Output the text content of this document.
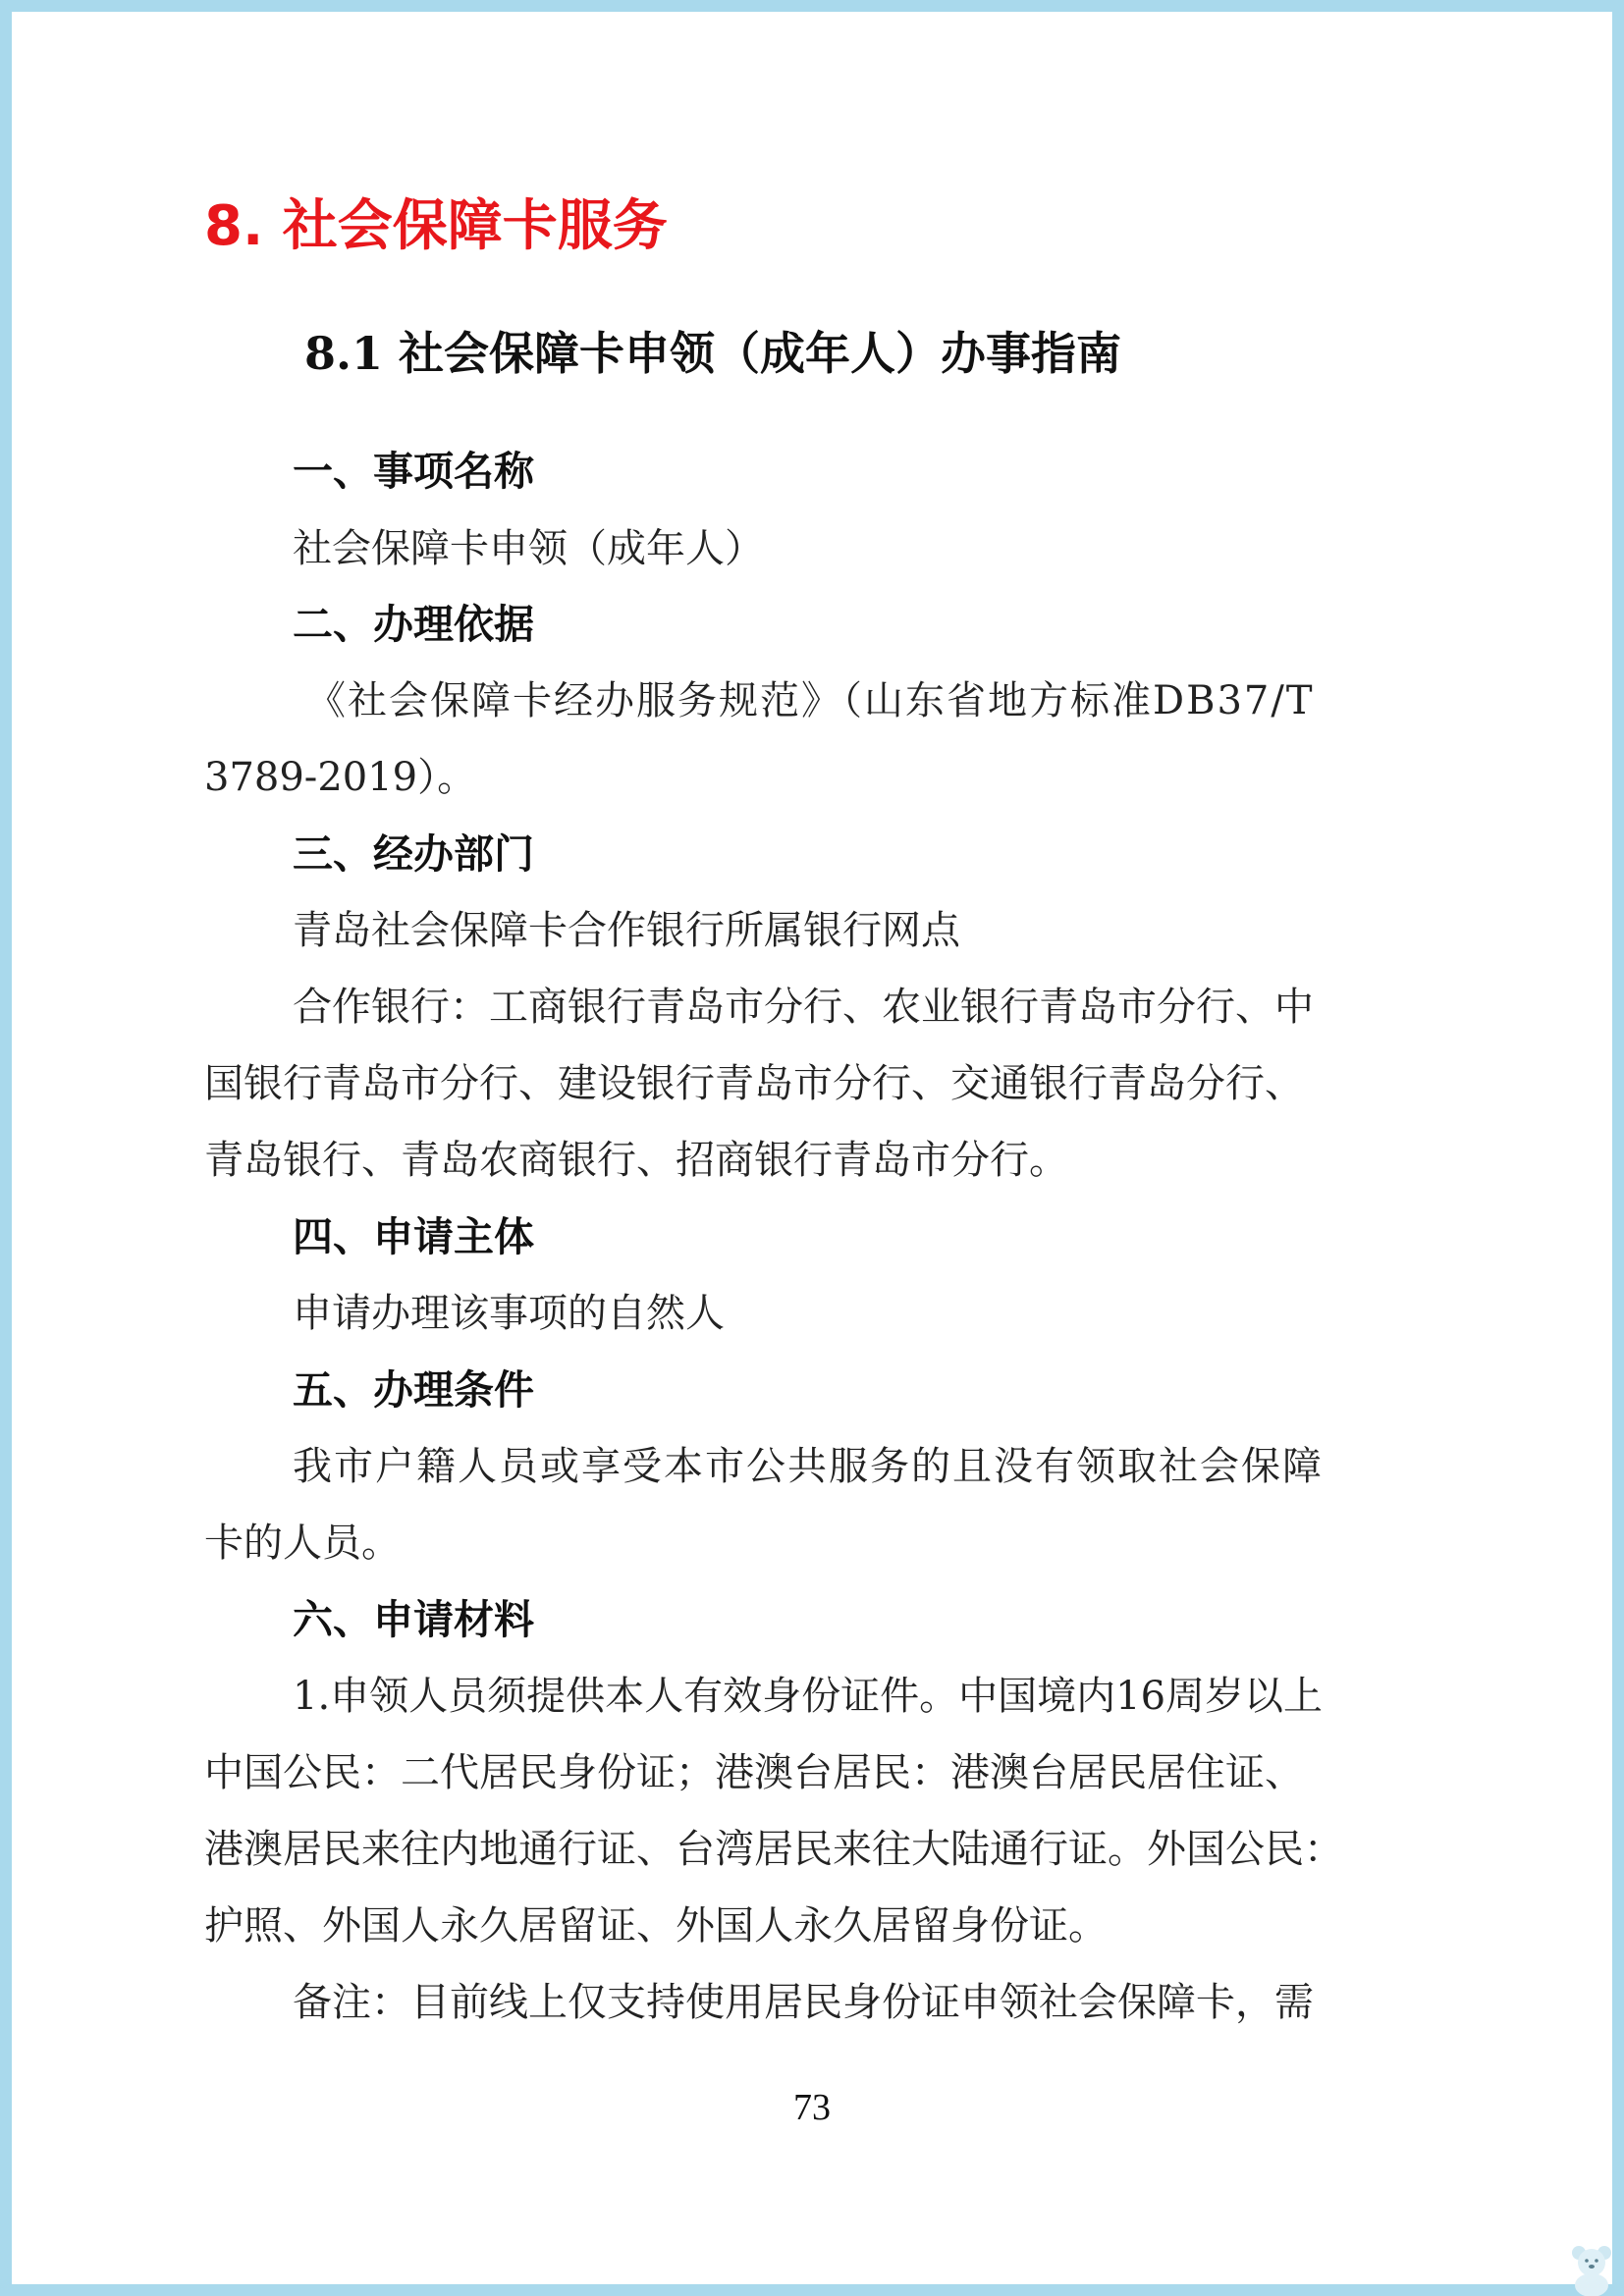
8. 社会保障卡服务
8.1 社会保障卡申领（成年人）办事指南
一、事项名称
社会保障卡申领（成年人）
二、办理依据
《社会保障卡经办服务规范》（山东省地方标准DB37/T
3789-2019）。
三、经办部门
青岛社会保障卡合作银行所属银行网点
合作银行：工商银行青岛市分行、农业银行青岛市分行、中
国银行青岛市分行、建设银行青岛市分行、交通银行青岛分行、
青岛银行、青岛农商银行、招商银行青岛市分行。
四、申请主体
申请办理该事项的自然人
五、办理条件
我市户籍人员或享受本市公共服务的且没有领取社会保障
卡的人员。
六、申请材料
1.申领人员须提供本人有效身份证件。中国境内16周岁以上
中国公民：二代居民身份证；港澳台居民：港澳台居民居住证、
港澳居民来往内地通行证、台湾居民来往大陆通行证。外国公民：
护照、外国人永久居留证、外国人永久居留身份证。
备注：目前线上仅支持使用居民身份证申领社会保障卡，需
73
